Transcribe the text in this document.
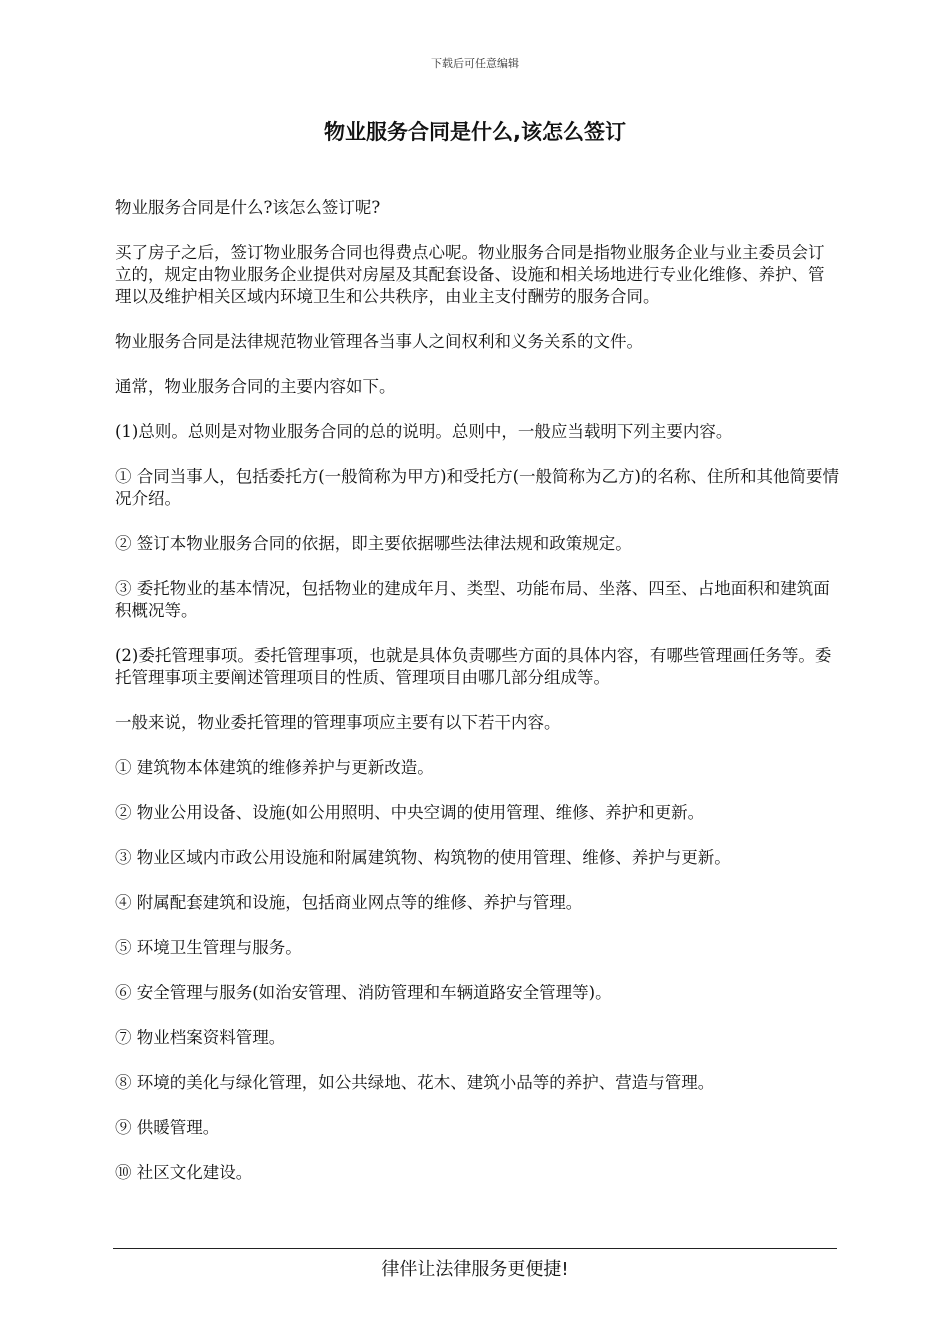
下载后可任意编辑
物业服务合同是什么,该怎么签订

物业服务合同是什么?该怎么签订呢?

买了房子之后，签订物业服务合同也得费点心呢。物业服务合同是指物业服务企业与业主委员会订立的，规定由物业服务企业提供对房屋及其配套设备、设施和相关场地进行专业化维修、养护、管理以及维护相关区域内环境卫生和公共秩序，由业主支付酬劳的服务合同。

物业服务合同是法律规范物业管理各当事人之间权利和义务关系的文件。

通常，物业服务合同的主要内容如下。

(1)总则。总则是对物业服务合同的总的说明。总则中，一般应当载明下列主要内容。

① 合同当事人，包括委托方(一般简称为甲方)和受托方(一般简称为乙方)的名称、住所和其他简要情况介绍。

② 签订本物业服务合同的依据，即主要依据哪些法律法规和政策规定。

③ 委托物业的基本情况，包括物业的建成年月、类型、功能布局、坐落、四至、占地面积和建筑面积概况等。

(2)委托管理事项。委托管理事项，也就是具体负责哪些方面的具体内容，有哪些管理画任务等。委托管理事项主要阐述管理项目的性质、管理项目由哪几部分组成等。

一般来说，物业委托管理的管理事项应主要有以下若干内容。

① 建筑物本体建筑的维修养护与更新改造。

② 物业公用设备、设施(如公用照明、中央空调的使用管理、维修、养护和更新。

③ 物业区域内市政公用设施和附属建筑物、构筑物的使用管理、维修、养护与更新。

④ 附属配套建筑和设施，包括商业网点等的维修、养护与管理。

⑤ 环境卫生管理与服务。

⑥ 安全管理与服务(如治安管理、消防管理和车辆道路安全管理等)。

⑦ 物业档案资料管理。

⑧ 环境的美化与绿化管理，如公共绿地、花木、建筑小品等的养护、营造与管理。

⑨ 供暖管理。

⑩ 社区文化建设。

律伴让法律服务更便捷!
